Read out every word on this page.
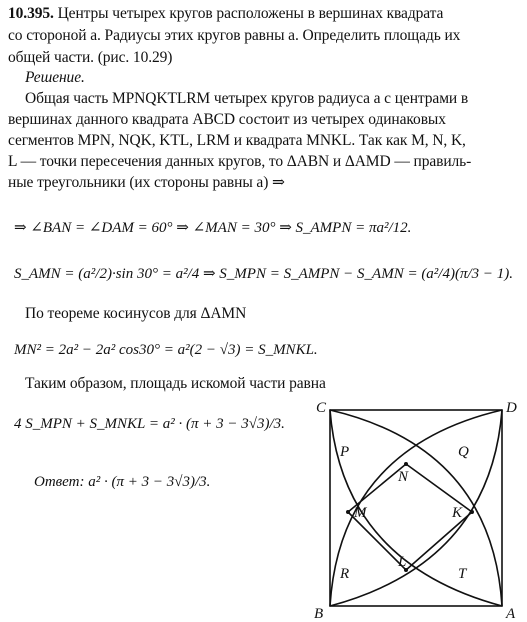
10.395. Центры четырех кругов расположены в вершинах квадрата
со стороной a. Радиусы этих кругов равны a. Определить площадь их
общей части. (рис. 10.29)
Решение.
Общая часть MPNQKTLRM четырех кругов радиуса a с центрами в
вершинах данного квадрата ABCD состоит из четырех одинаковых
сегментов MPN, NQK, KTL, LRM и квадрата MNKL. Так как M, N, K,
L — точки пересечения данных кругов, то ΔABN и ΔAMD — правиль-
ные треугольники (их стороны равны a) ⇒
⇒ ∠BAN = ∠DAM = 60° ⇒ ∠MAN = 30° ⇒ S_AMPN = πa²/12.
S_AMN = (a²/2)·sin 30° = a²/4 ⇒ S_MPN = S_AMPN − S_AMN = (a²/4)(π/3 − 1).
По теореме косинусов для ΔAMN
MN² = 2a² − 2a² cos30° = a²(2 − √3) = S_MNKL.
Таким образом, площадь искомой части равна
4 S_MPN + S_MNKL = a² · (π + 3 − 3√3)/3.
Ответ: a² · (π + 3 − 3√3)/3.
C	D
B	A
N
M	K
L
P	Q
R	T
